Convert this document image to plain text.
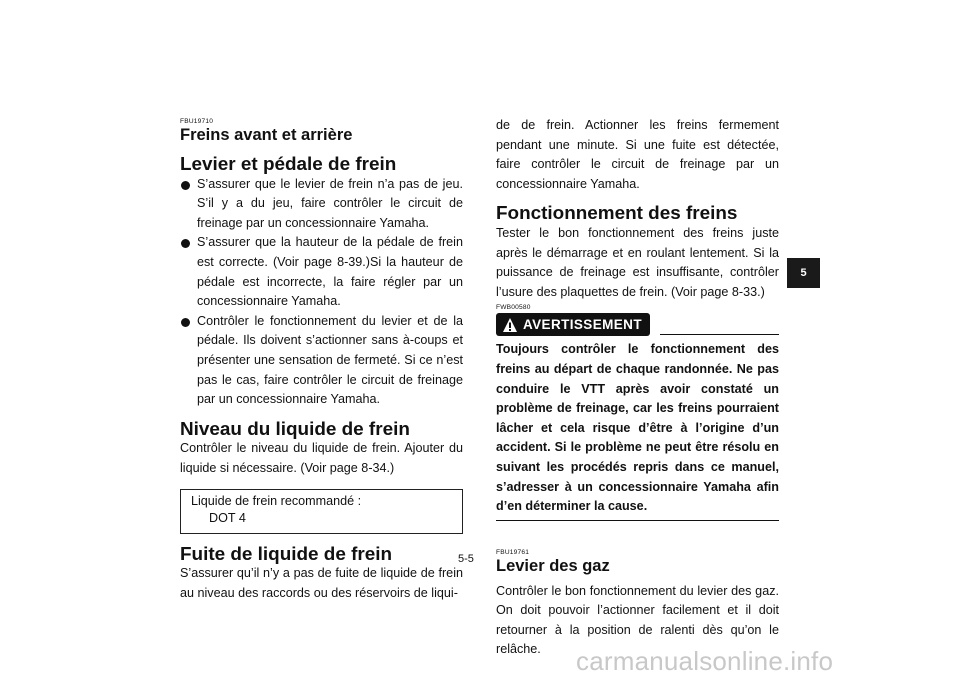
FBU19710
Freins avant et arrière
Levier et pédale de frein
S’assurer que le levier de frein n’a pas de jeu. S’il y a du jeu, faire contrôler le circuit de freinage par un concessionnaire Yamaha.
S’assurer que la hauteur de la pédale de frein est correcte. (Voir page 8-39.)Si la hauteur de pédale est incorrecte, la faire régler par un concessionnaire Yamaha.
Contrôler le fonctionnement du levier et de la pédale. Ils doivent s’actionner sans à-coups et présenter une sensation de fermeté. Si ce n’est pas le cas, faire contrôler le circuit de freinage par un concessionnaire Yamaha.
Niveau du liquide de frein

Contrôler le niveau du liquide de frein. Ajouter du liquide si nécessaire. (Voir page 8-34.)

Liquide de frein recommandé :
DOT 4
Fuite de liquide de frein

S’assurer qu’il n’y a pas de fuite de liquide de frein au niveau des raccords ou des réservoirs de liqui-

de de frein. Actionner les freins fermement pendant une minute. Si une fuite est détectée, faire contrôler le circuit de freinage par un concessionnaire Yamaha.

Fonctionnement des freins

Tester le bon fonctionnement des freins juste après le démarrage et en roulant lentement. Si la puissance de freinage est insuffisante, contrôler l’usure des plaquettes de frein. (Voir page 8-33.)

FWB00580
AVERTISSEMENT

Toujours contrôler le fonctionnement des freins au départ de chaque randonnée. Ne pas conduire le VTT après avoir constaté un problème de freinage, car les freins pourraient lâcher et cela risque d’être à l’origine d’un accident. Si le problème ne peut être résolu en suivant les procédés repris dans ce manuel, s’adresser à un concessionnaire Yamaha afin d’en déterminer la cause.

FBU19761
Levier des gaz

Contrôler le bon fonctionnement du levier des gaz. On doit pouvoir l’actionner facilement et il doit retourner à la position de ralenti dès qu’on le relâche.

5-5
5
carmanualsonline.info
